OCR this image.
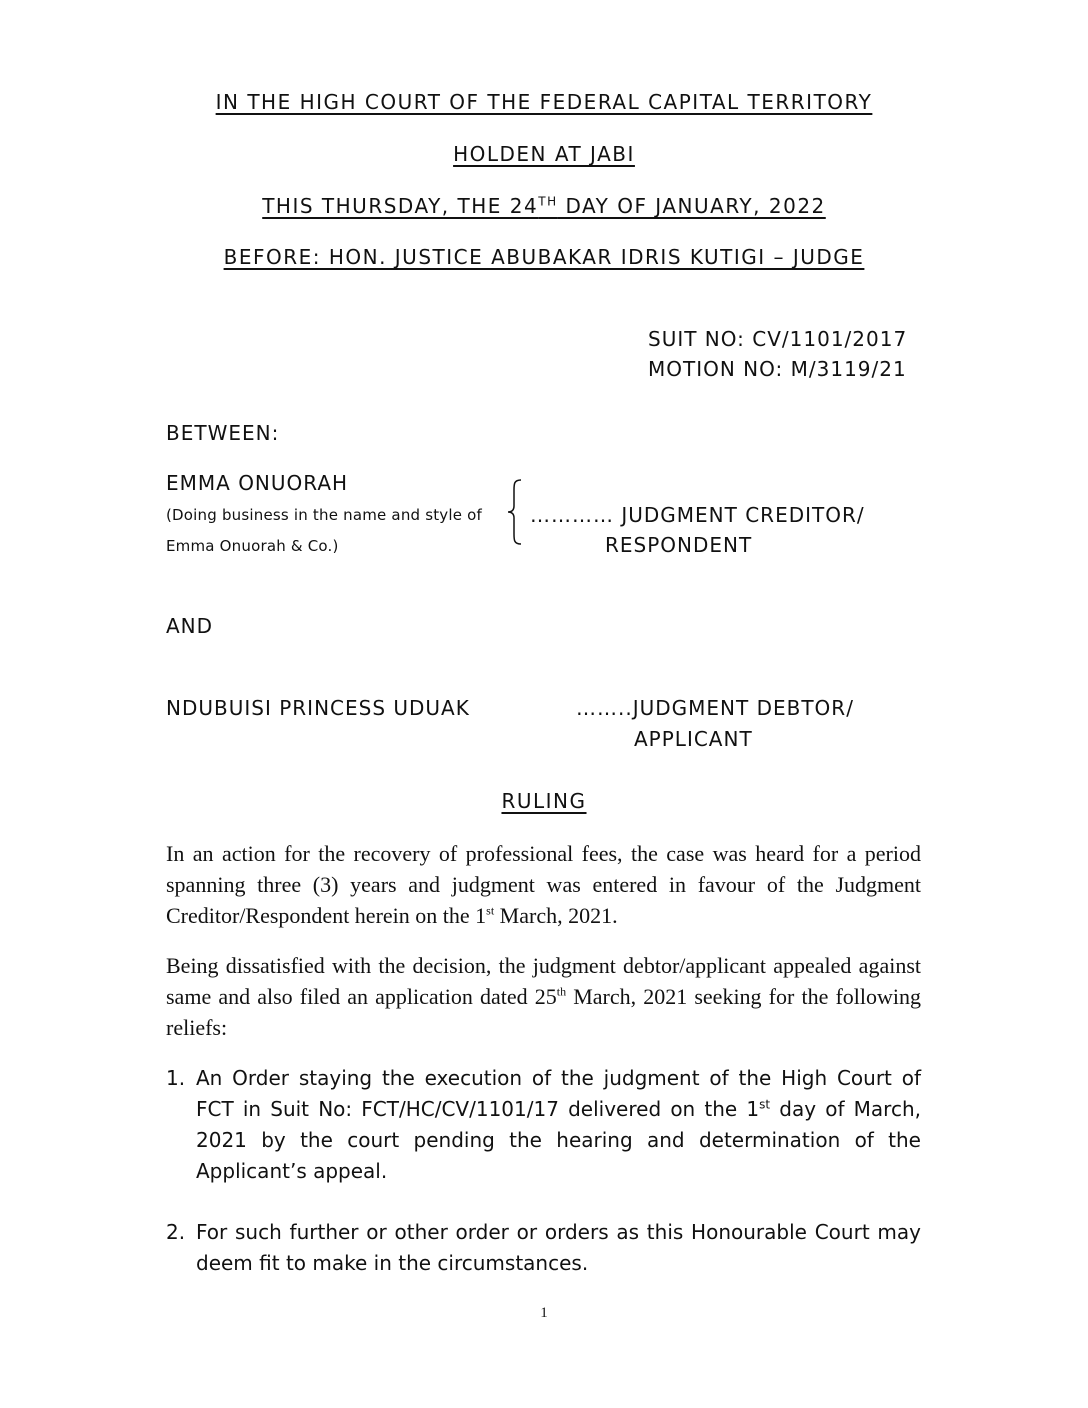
IN THE HIGH COURT OF THE FEDERAL CAPITAL TERRITORY
HOLDEN AT JABI
THIS THURSDAY, THE 24TH DAY OF JANUARY, 2022
BEFORE: HON. JUSTICE ABUBAKAR IDRIS KUTIGI – JUDGE
SUIT NO: CV/1101/2017
MOTION NO: M/3119/21
BETWEEN:
EMMA ONUORAH
(Doing business in the name and style of
Emma Onuorah & Co.)
………… JUDGMENT CREDITOR/
RESPONDENT
AND
NDUBUISI PRINCESS UDUAK	……..JUDGMENT DEBTOR/
APPLICANT
RULING
In an action for the recovery of professional fees, the case was heard for a period spanning three (3) years and judgment was entered in favour of the Judgment Creditor/Respondent herein on the 1st March, 2021.
Being dissatisfied with the decision, the judgment debtor/applicant appealed against same and also filed an application dated 25th March, 2021 seeking for the following reliefs:
1. An Order staying the execution of the judgment of the High Court of FCT in Suit No: FCT/HC/CV/1101/17 delivered on the 1st day of March, 2021 by the court pending the hearing and determination of the Applicant’s appeal.
2. For such further or other order or orders as this Honourable Court may deem fit to make in the circumstances.
1
